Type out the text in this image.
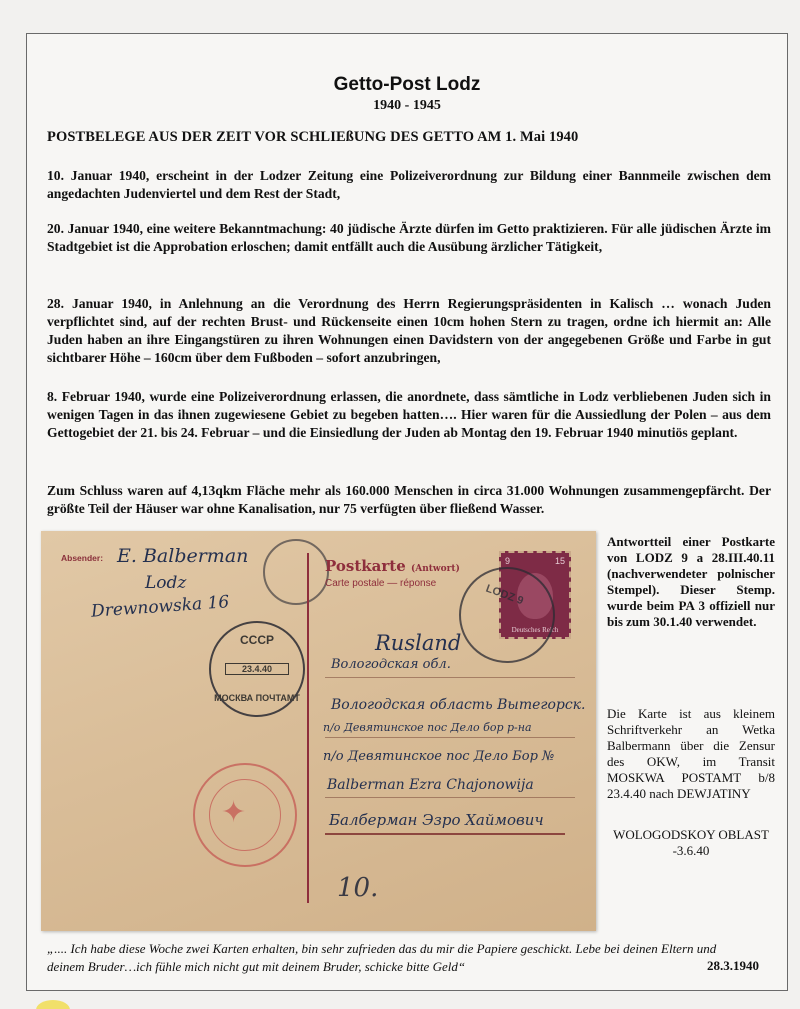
Getto-Post Lodz
1940 - 1945
POSTBELEGE AUS DER ZEIT VOR SCHLIEßUNG DES GETTO AM 1. Mai 1940
10. Januar 1940, erscheint in der Lodzer Zeitung eine Polizeiverordnung zur Bildung einer Bannmeile zwischen dem angedachten Judenviertel und dem Rest der Stadt,
20. Januar 1940, eine weitere Bekanntmachung: 40 jüdische Ärzte dürfen im Getto praktizieren. Für alle jüdischen Ärzte im Stadtgebiet ist die Approbation erloschen; damit entfällt auch die Ausübung ärzlicher Tätigkeit,
28. Januar 1940, in Anlehnung an die Verordnung des Herrn Regierungspräsidenten in Kalisch … wonach Juden verpflichtet sind, auf der rechten Brust- und Rückenseite einen 10cm hohen Stern zu tragen, ordne ich hiermit an: Alle Juden haben an ihre Eingangstüren zu ihren Wohnungen einen Davidstern von der angegebenen Größe und Farbe in gut sichtbarer Höhe – 160cm über dem Fußboden – sofort anzubringen,
8. Februar 1940, wurde eine Polizeiverordnung erlassen, die anordnete, dass sämtliche in Lodz verbliebenen Juden sich in wenigen Tagen in das ihnen zugewiesene Gebiet zu begeben hatten…. Hier waren für die Aussiedlung der Polen – aus dem Gettogebiet der 21. bis 24. Februar – und die Einsiedlung der Juden ab Montag den 19. Februar 1940 minutiös geplant.
Zum Schluss waren auf 4,13qkm Fläche mehr als 160.000 Menschen in circa 31.000 Wohnungen zusammengepfärcht. Der größte Teil der Häuser war ohne Kanalisation, nur 75 verfügten über fließend Wasser.
Absender: E. Balberman
Lodz
Drewnowska 16
СССР
23.4.40
МОСКВА ПОЧТАМТ
✦
Postkarte (Antwort)
Carte postale — réponse
9	15
Deutsches Reich
LODZ 9
Rusland
Вологодская обл.
Вологодская область Вытегорск.
п/о Девятинское пос Дело бор р-на
п/о Девятинское пос Дело Бор №
Balberman Ezra Chajonowija
Балберман Эзро Хаймович
10.
Antwortteil einer Postkarte von LODZ 9 a 28.III.40.11 (nachverwendeter polnischer Stempel). Dieser Stemp. wurde beim PA 3 offiziell nur bis zum 30.1.40 verwendet.
Die Karte ist aus kleinem Schriftverkehr an Wetka Balbermann über die Zensur des OKW, im Transit MOSKWA POSTAMT b/8 23.4.40 nach DEWJATINY
WOLOGODSKOY OBLAST -3.6.40
„.... Ich habe diese Woche zwei Karten erhalten, bin sehr zufrieden das du mir die Papiere geschickt. Lebe bei deinen Eltern und deinem Bruder…ich fühle mich nicht gut mit deinem Bruder, schicke bitte Geld“	28.3.1940
